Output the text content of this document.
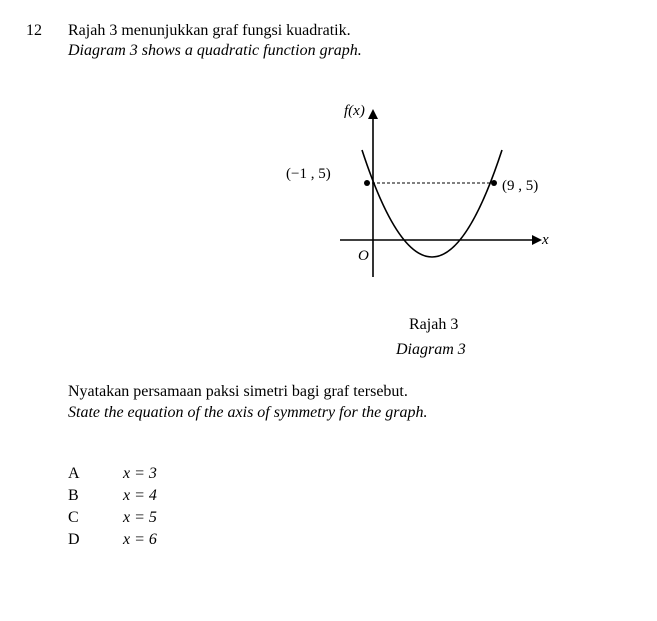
12 Rajah 3 menunjukkan graf fungsi kuadratik.
Diagram 3 shows a quadratic function graph.
f(x)
x
O
(−1 , 5)
(9 , 5)
Rajah 3
Diagram 3
Nyatakan persamaan paksi simetri bagi graf tersebut.
State the equation of the axis of symmetry for the graph.
A	x = 3
B	x = 4
C	x = 5
D	x = 6
